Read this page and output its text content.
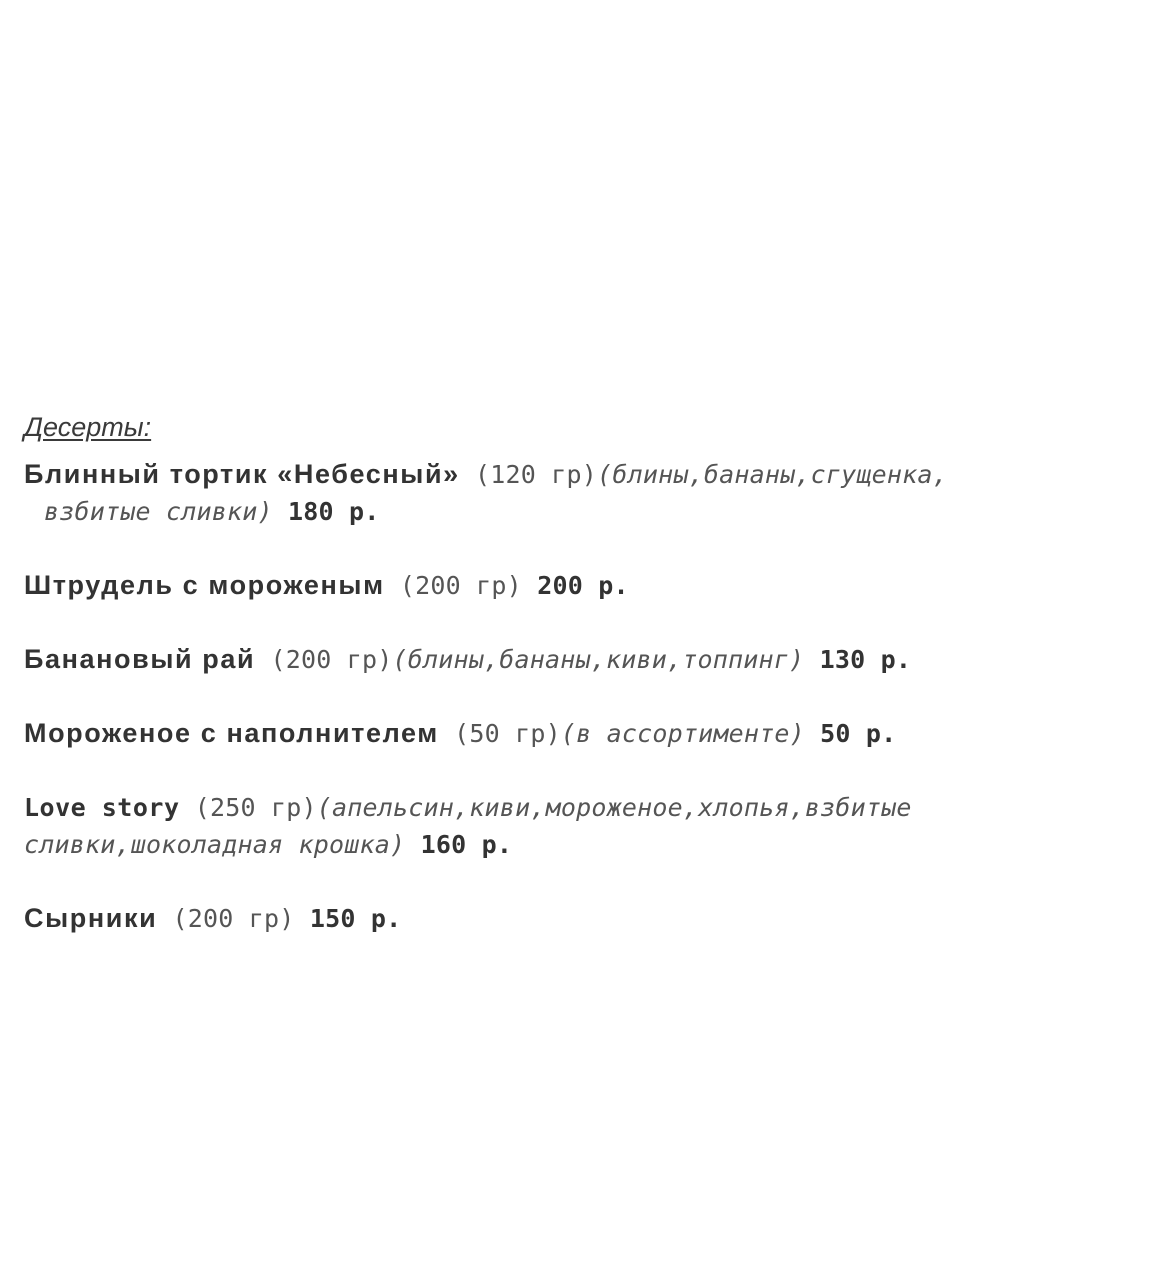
Десерты:
Блинный тортик «Небесный» (120 гр)(блины,бананы,сгущенка,
взбитые сливки) 180 р.
Штрудель с мороженым (200 гр) 200 р.
Банановый рай (200 гр)(блины,бананы,киви,топпинг) 130 р.
Мороженое с наполнителем (50 гр)(в ассортименте) 50 р.
Love story (250 гр)(апельсин,киви,мороженое,хлопья,взбитые
сливки,шоколадная крошка) 160 р.
Сырники (200 гр) 150 р.
